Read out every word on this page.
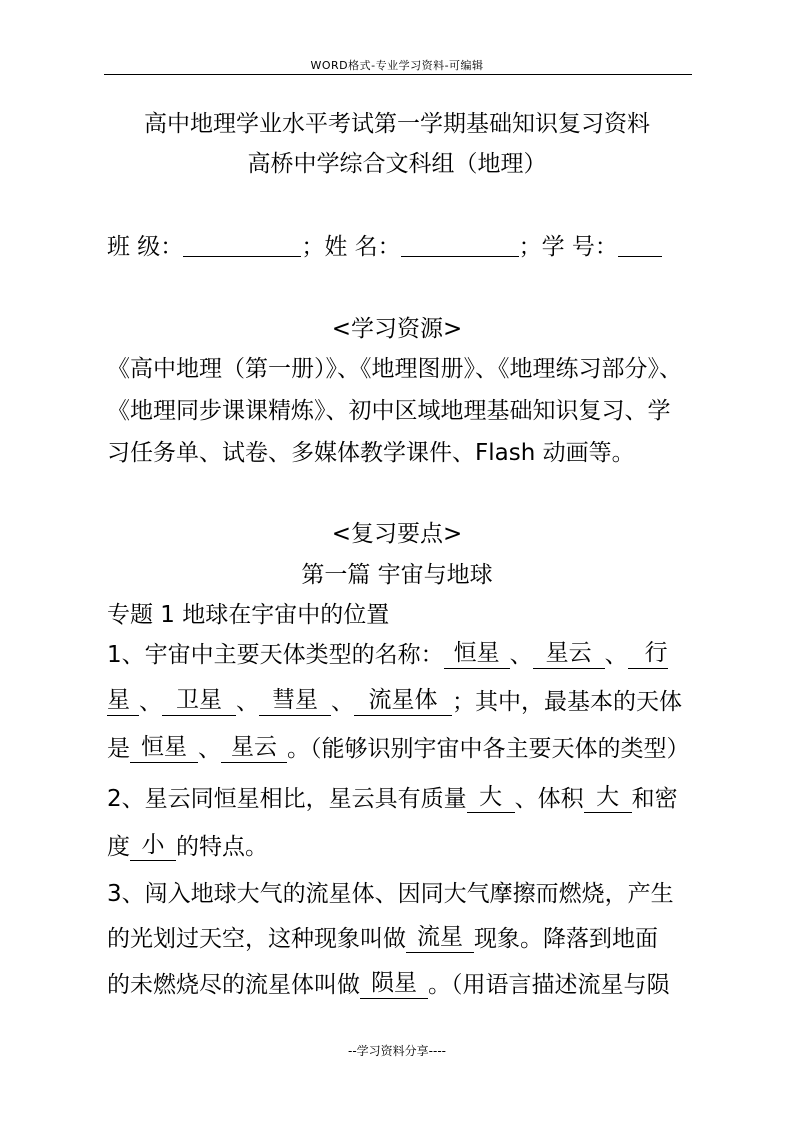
WORD格式-专业学习资料-可编辑
高中地理学业水平考试第一学期基础知识复习资料
高桥中学综合文科组（地理）
班 级：	；姓 名：	；学 号：
<学习资源>
《高中地理（第一册）》、《地理图册》、《地理练习部分》、
《地理同步课课精炼》、初中区域地理基础知识复习、学
习任务单、试卷、多媒体教学课件、Flash 动画等。
<复习要点>
第一篇 宇宙与地球
专题 1 地球在宇宙中的位置
1、宇宙中主要天体类型的名称： 恒星 、 星云 、 行
星 、 卫星 、 彗星 、 流星体 ；其中，最基本的天体
是 恒星 、 星云 。（能够识别宇宙中各主要天体的类型）
2、星云同恒星相比，星云具有质量 大 、体积 大 和密
度 小 的特点。
3、闯入地球大气的流星体、因同大气摩擦而燃烧，产生
的光划过天空，这种现象叫做 流星 现象。降落到地面
的未燃烧尽的流星体叫做 陨星 。（用语言描述流星与陨
--学习资料分享----
